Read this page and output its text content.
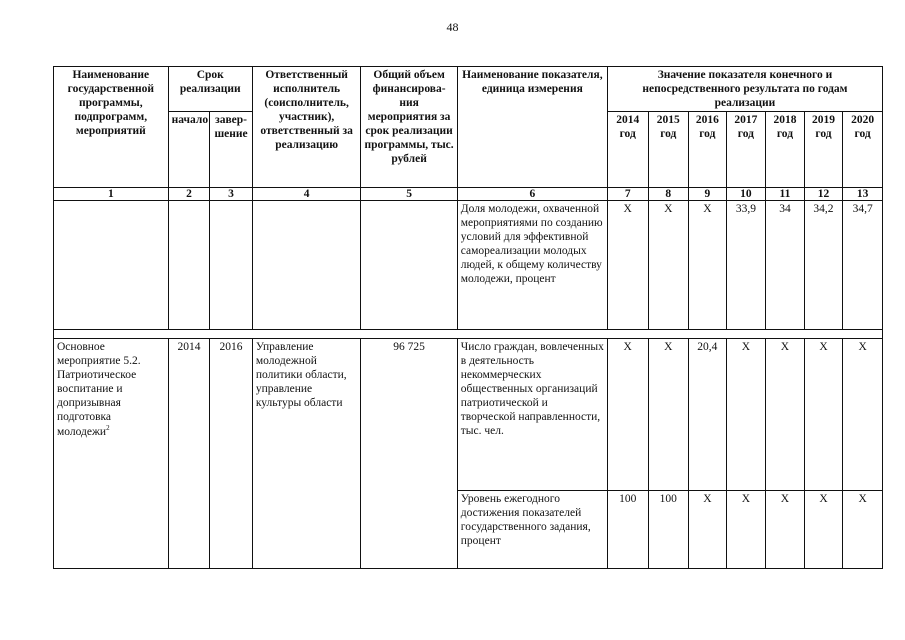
48
Наименование государственной программы, подпрограмм, мероприятий	Срок реализации		Ответственный исполнитель (соисполнитель, участник), ответственный за реализацию	Общий объем финансирова-ния мероприятия за срок реализации программы, тыс. рублей	Наименование показателя, единица измерения	Значение показателя конечного и непосредственного результата по годам реализации						
	начало	завер-шение				2014 год	2015 год	2016 год	2017 год	2018 год	2019 год	2020 год
1	2	3	4	5	6	7	8	9	10	11	12	13
					Доля молодежи, охваченной мероприятиями по созданию условий для эффективной самореализации молодых людей, к общему количеству молодежи, процент	Х	Х	Х	33,9	34	34,2	34,7

Основное мероприятие 5.2. Патриотическое воспитание и допризывная подготовка молодежи$^2$	2014	2016	Управление молодежной политики области, управление культуры области	96 725	Число граждан, вовлеченных в деятельность некоммерческих общественных организаций патриотической и творческой направленности, тыс. чел.	Х	Х	20,4	Х	Х	Х	Х
					Уровень ежегодного достижения показателей государственного задания, процент	100	100	Х	Х	Х	Х	Х
